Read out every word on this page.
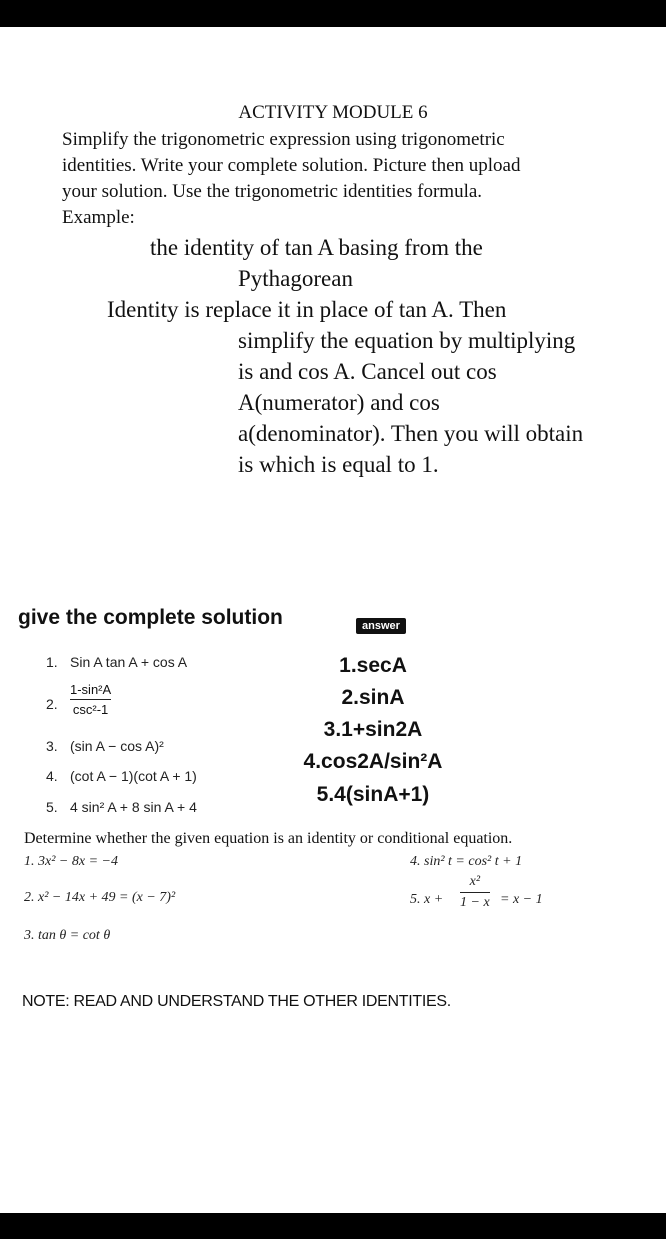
ACTIVITY MODULE 6
Simplify the trigonometric expression using trigonometric
identities. Write your complete solution. Picture then upload
your solution. Use the trigonometric identities formula.
Example:
the identity of tan A basing from the
Pythagorean
Identity is replace it in place of tan A. Then
simplify the equation by multiplying
is and cos A. Cancel out cos
A(numerator) and cos
a(denominator). Then you will obtain
is which is equal to 1.
give the complete solution	answer
1. Sin A tan A + cos A
2.
1-sin²A
csc²-1
3. (sin A − cos A)²
4. (cot A − 1)(cot A + 1)
5. 4 sin² A + 8 sin A + 4
1.secA
2.sinA
3.1+sin2A
4.cos2A/sin²A
5.4(sinA+1)
Determine whether the given equation is an identity or conditional equation.
1. 3x² − 8x = −4
2. x² − 14x + 49 = (x − 7)²
3. tan θ = cot θ
4. sin² t = cos² t + 1
5. x +
x²
1 − x = x − 1
NOTE: READ AND UNDERSTAND THE OTHER IDENTITIES.
